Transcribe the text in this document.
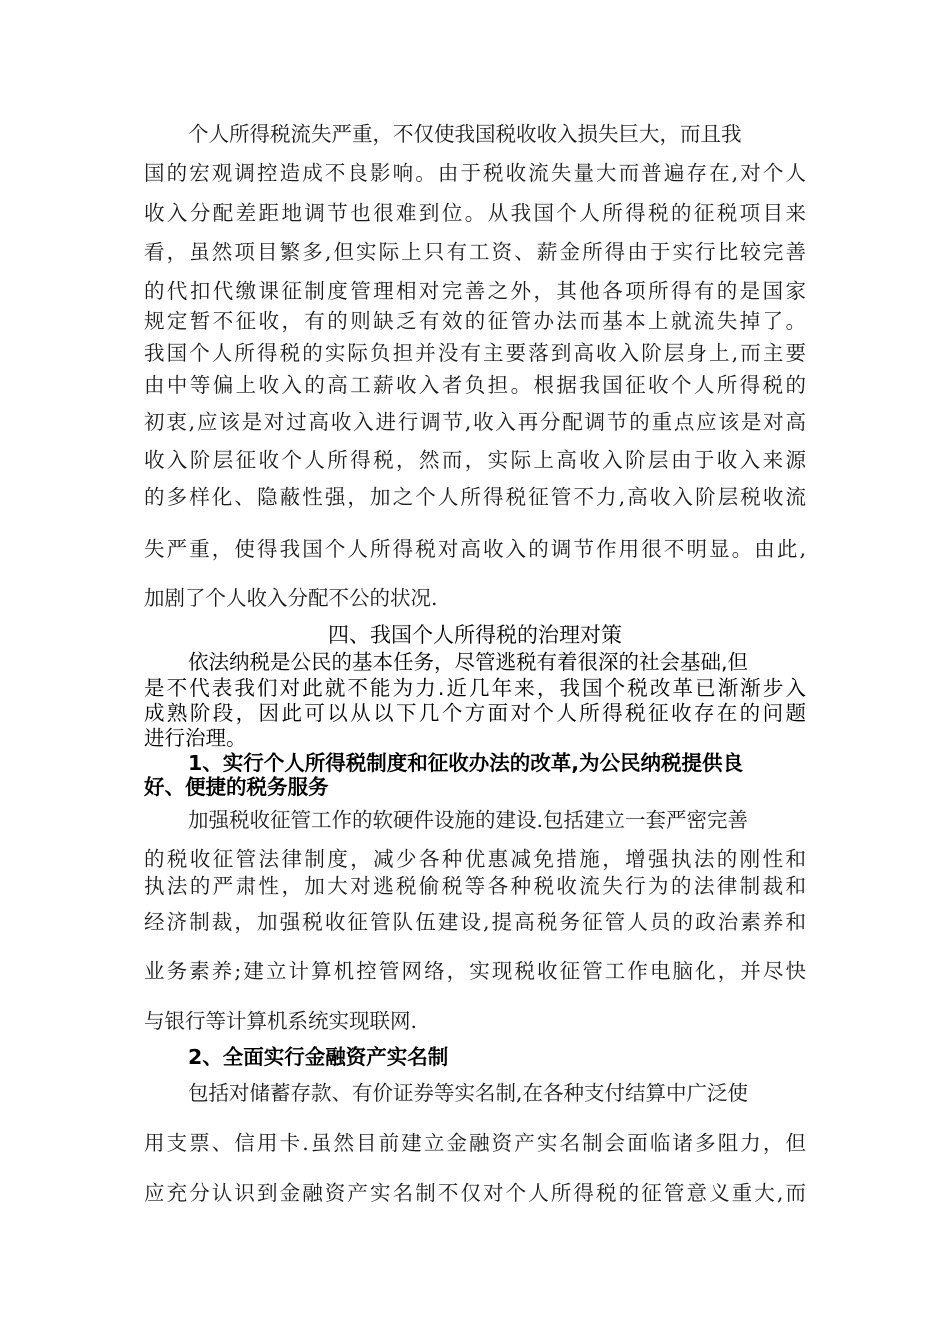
个人所得税流失严重，不仅使我国税收收入损失巨大，而且我
国的宏观调控造成不良影响。由于税收流失量大而普遍存在,对个人
收入分配差距地调节也很难到位。从我国个人所得税的征税项目来
看，虽然项目繁多,但实际上只有工资、薪金所得由于实行比较完善
的代扣代缴课征制度管理相对完善之外，其他各项所得有的是国家
规定暂不征收，有的则缺乏有效的征管办法而基本上就流失掉了。
我国个人所得税的实际负担并没有主要落到高收入阶层身上,而主要
由中等偏上收入的高工薪收入者负担。根据我国征收个人所得税的
初衷,应该是对过高收入进行调节,收入再分配调节的重点应该是对高
收入阶层征收个人所得税，然而，实际上高收入阶层由于收入来源
的多样化、隐蔽性强，加之个人所得税征管不力,高收入阶层税收流
失严重，使得我国个人所得税对高收入的调节作用很不明显。由此,
加剧了个人收入分配不公的状况.
四、我国个人所得税的治理对策
依法纳税是公民的基本任务，尽管逃税有着很深的社会基础,但
是不代表我们对此就不能为力.近几年来，我国个税改革已渐渐步入
成熟阶段，因此可以从以下几个方面对个人所得税征收存在的问题
进行治理。
1、实行个人所得税制度和征收办法的改革,为公民纳税提供良
好、便捷的税务服务
加强税收征管工作的软硬件设施的建设.包括建立一套严密完善
的税收征管法律制度，减少各种优惠减免措施，增强执法的刚性和
执法的严肃性，加大对逃税偷税等各种税收流失行为的法律制裁和
经济制裁，加强税收征管队伍建设,提高税务征管人员的政治素养和
业务素养;建立计算机控管网络，实现税收征管工作电脑化，并尽快
与银行等计算机系统实现联网.
2、全面实行金融资产实名制
包括对储蓄存款、有价证券等实名制,在各种支付结算中广泛使
用支票、信用卡.虽然目前建立金融资产实名制会面临诸多阻力，但
应充分认识到金融资产实名制不仅对个人所得税的征管意义重大,而
